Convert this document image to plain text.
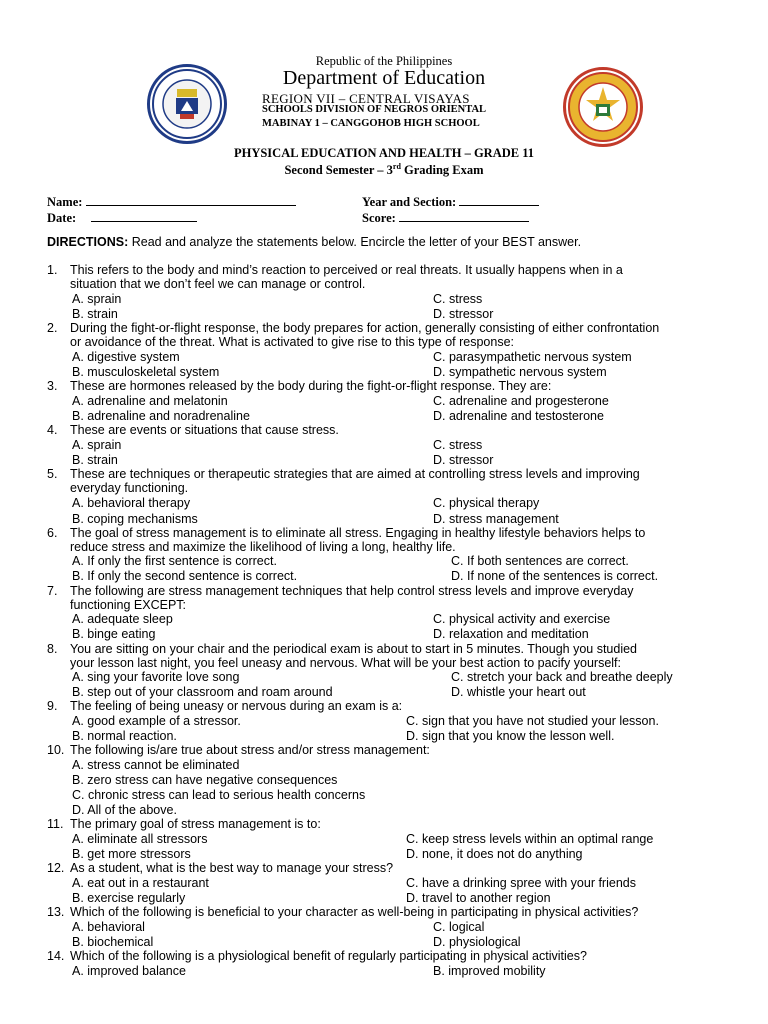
Republic of the Philippines
Department of Education
REGION VII – CENTRAL VISAYAS
SCHOOLS DIVISION OF NEGROS ORIENTAL
MABINAY 1 – CANGGOHOB HIGH SCHOOL
PHYSICAL EDUCATION AND HEALTH – GRADE 11
Second Semester – 3rd Grading Exam
Name:
Date:
Year and Section:
Score:
DIRECTIONS: Read and analyze the statements below. Encircle the letter of your BEST answer.
1. This refers to the body and mind’s reaction to perceived or real threats. It usually happens when in a
situation that we don’t feel we can manage or control.
A. sprain
B. strain
C. stress
D. stressor
2. During the fight-or-flight response, the body prepares for action, generally consisting of either confrontation
or avoidance of the threat. What is activated to give rise to this type of response:
A. digestive system
B. musculoskeletal system
C. parasympathetic nervous system
D. sympathetic nervous system
3. These are hormones released by the body during the fight-or-flight response. They are:
A. adrenaline and melatonin
B. adrenaline and noradrenaline
C. adrenaline and progesterone
D. adrenaline and testosterone
4. These are events or situations that cause stress.
A. sprain
B. strain
C. stress
D. stressor
5. These are techniques or therapeutic strategies that are aimed at controlling stress levels and improving
everyday functioning.
A. behavioral therapy
B. coping mechanisms
C. physical therapy
D. stress management
6. The goal of stress management is to eliminate all stress. Engaging in healthy lifestyle behaviors helps to
reduce stress and maximize the likelihood of living a long, healthy life.
A. If only the first sentence is correct.
B. If only the second sentence is correct.
C. If both sentences are correct.
D. If none of the sentences is correct.
7. The following are stress management techniques that help control stress levels and improve everyday
functioning EXCEPT:
A. adequate sleep
B. binge eating
C. physical activity and exercise
D. relaxation and meditation
8. You are sitting on your chair and the periodical exam is about to start in 5 minutes. Though you studied
your lesson last night, you feel uneasy and nervous. What will be your best action to pacify yourself:
A. sing your favorite love song
B. step out of your classroom and roam around
C. stretch your back and breathe deeply
D. whistle your heart out
9. The feeling of being uneasy or nervous during an exam is a:
A. good example of a stressor.
B. normal reaction.
C. sign that you have not studied your lesson.
D. sign that you know the lesson well.
10. The following is/are true about stress and/or stress management:
A. stress cannot be eliminated
B. zero stress can have negative consequences
C. chronic stress can lead to serious health concerns
D. All of the above.
11. The primary goal of stress management is to:
A. eliminate all stressors
B. get more stressors
C. keep stress levels within an optimal range
D. none, it does not do anything
12. As a student, what is the best way to manage your stress?
A. eat out in a restaurant
B. exercise regularly
C. have a drinking spree with your friends
D. travel to another region
13. Which of the following is beneficial to your character as well-being in participating in physical activities?
A. behavioral
B. biochemical
C. logical
D. physiological
14. Which of the following is a physiological benefit of regularly participating in physical activities?
A. improved balance	B. improved mobility
